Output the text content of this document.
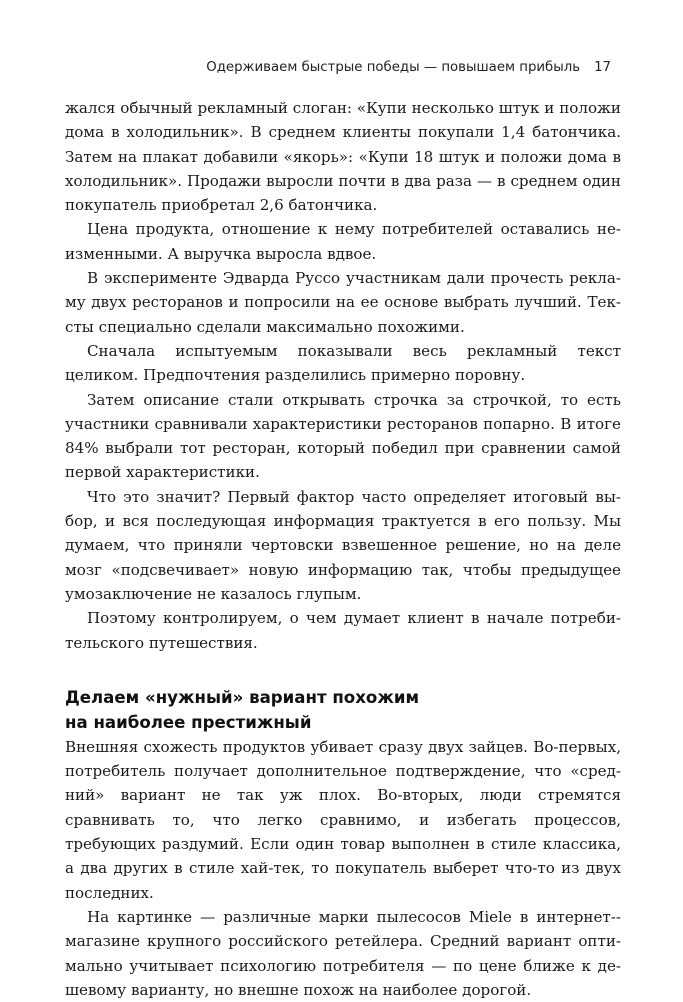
Одерживаем быстрые победы — повышаем прибыль 17

жался обычный рекламный слоган: «Купи несколько штук и положи дома в холодильник». В среднем клиенты покупали 1,4 батончика. Затем на плакат добавили «якорь»: «Купи 18 штук и положи дома в холодильник». Продажи выросли почти в два раза — в среднем один покупатель приобретал 2,6 батончика.

Цена продукта, отношение к нему потребителей оставались неизменными. А выручка выросла вдвое.

В эксперименте Эдварда Руссо участникам дали прочесть рекламу двух ресторанов и попросили на ее основе выбрать лучший. Тексты специально сделали максимально похожими.

Сначала испытуемым показывали весь рекламный текст целиком. Предпочтения разделились примерно поровну.

Затем описание стали открывать строчка за строчкой, то есть участники сравнивали характеристики ресторанов попарно. В итоге 84% выбрали тот ресторан, который победил при сравнении самой первой характеристики.

Что это значит? Первый фактор часто определяет итоговый выбор, и вся последующая информация трактуется в его пользу. Мы думаем, что приняли чертовски взвешенное решение, но на деле мозг «подсвечивает» новую информацию так, чтобы предыдущее умозаключение не казалось глупым.

Поэтому контролируем, о чем думает клиент в начале потребительского путешествия.

Делаем «нужный» вариант похожим
на наиболее престижный

Внешняя схожесть продуктов убивает сразу двух зайцев. Во-первых, потребитель получает дополнительное подтверждение, что «средний» вариант не так уж плох. Во-вторых, люди стремятся сравнивать то, что легко сравнимо, и избегать процессов, требующих раздумий. Если один товар выполнен в стиле классика, а два других в стиле хай-тек, то покупатель выберет что-то из двух последних.

На картинке — различные марки пылесосов Miele в интернет-магазине крупного российского ретейлера. Средний вариант оптимально учитывает психологию потребителя — по цене ближе к дешевому варианту, но внешне похож на наиболее дорогой.
